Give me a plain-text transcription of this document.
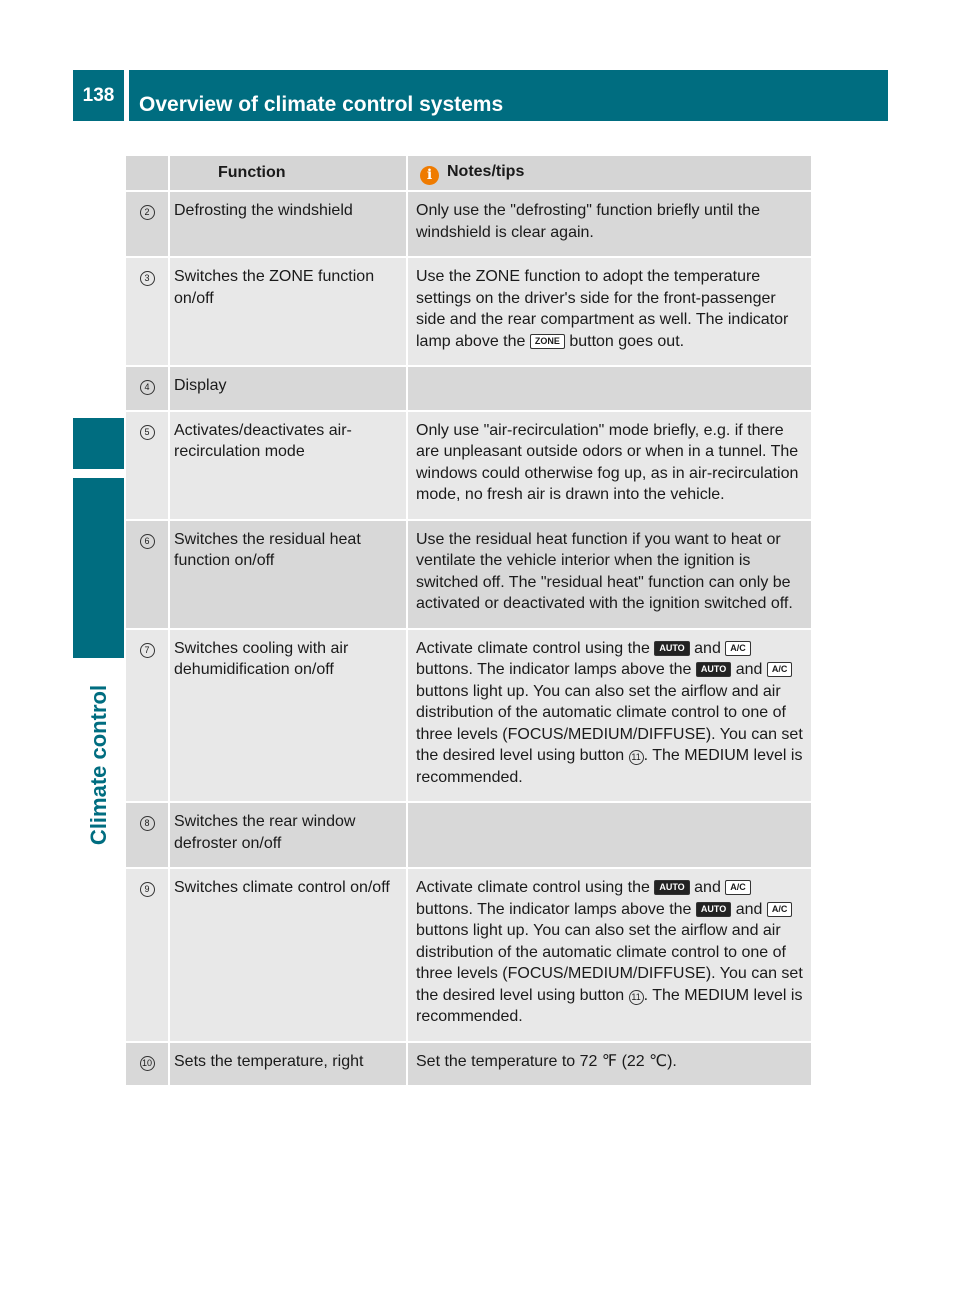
138	Overview of climate control systems
Climate control
	Function	i Notes/tips
2	Defrosting the windshield	Only use the "defrosting" function briefly until the windshield is clear again.
3	Switches the ZONE function on/off	Use the ZONE function to adopt the temperature settings on the driver's side for the front-passenger side and the rear compartment as well. The indicator lamp above the ZONE button goes out.
4	Display	
5	Activates/deactivates air-recirculation mode	Only use "air-recirculation" mode briefly, e.g. if there are unpleasant outside odors or when in a tunnel. The windows could otherwise fog up, as in air-recirculation mode, no fresh air is drawn into the vehicle.
6	Switches the residual heat function on/off	Use the residual heat function if you want to heat or ventilate the vehicle interior when the ignition is switched off. The "residual heat" function can only be activated or deactivated with the ignition switched off.
7	Switches cooling with air dehumidification on/off	Activate climate control using the AUTO and A/C buttons. The indicator lamps above the AUTO and A/C buttons light up. You can also set the airflow and air distribution of the automatic climate control to one of three levels (FOCUS/MEDIUM/DIFFUSE). You can set the desired level using button 11 . The MEDIUM level is recommended.
8	Switches the rear window defroster on/off	
9	Switches climate control on/off	Activate climate control using the AUTO and A/C buttons. The indicator lamps above the AUTO and A/C buttons light up. You can also set the airflow and air distribution of the automatic climate control to one of three levels (FOCUS/MEDIUM/DIFFUSE). You can set the desired level using button 11 . The MEDIUM level is recommended.
10	Sets the temperature, right	Set the temperature to 72 ℉ (22 ℃).
